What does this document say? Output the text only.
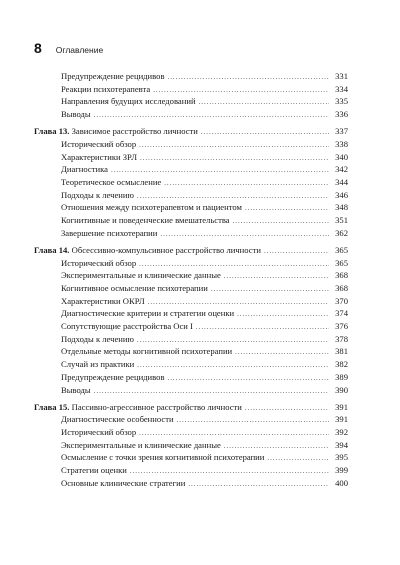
8 Оглавление
Предупреждение рецидивов . . .	331
Реакции психотерапевта . . .	334
Направления будущих исследований . . .	335
Выводы . . .	336
Глава 13. Зависимое расстройство личности . . .	337
Исторический обзор . . .	338
Характеристики ЗРЛ . . .	340
Диагностика . . .	342
Теоретическое осмысление . . .	344
Подходы к лечению . . .	346
Отношения между психотерапевтом и пациентом . . .	348
Когнитивные и поведенческие вмешательства . . .	351
Завершение психотерапии . . .	362
Глава 14. Обсессивно-компульсивное расстройство личности . . .	365
Исторический обзор . . .	365
Экспериментальные и клинические данные . . .	368
Когнитивное осмысление психотерапии . . .	368
Характеристики ОКРЛ . . .	370
Диагностические критерии и стратегии оценки . . .	374
Сопутствующие расстройства Оси I . . .	376
Подходы к лечению . . .	378
Отдельные методы когнитивной психотерапии . . .	381
Случай из практики . . .	382
Предупреждение рецидивов . . .	389
Выводы . . .	390
Глава 15. Пассивно-агрессивное расстройство личности . . .	391
Диагностические особенности . . .	391
Исторический обзор . . .	392
Экспериментальные и клинические данные . . .	394
Осмысление с точки зрения когнитивной психотерапии . . .	395
Стратегии оценки . . .	399
Основные клинические стратегии . . .	400
